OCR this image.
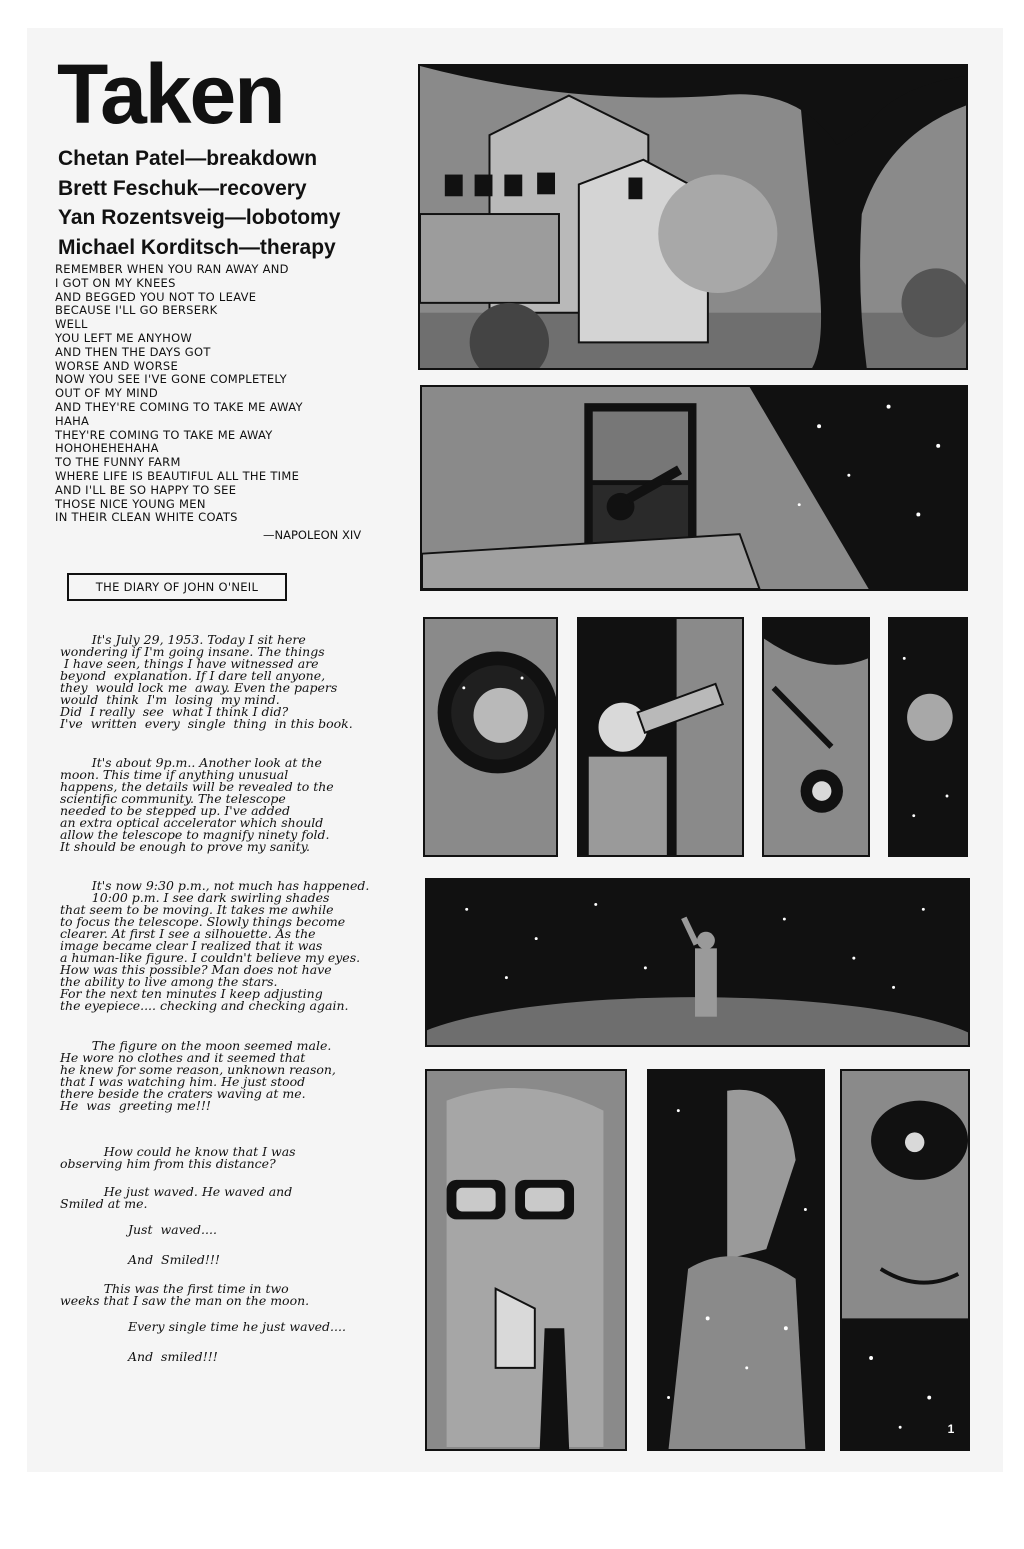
Taken
Chetan Patel—breakdown
Brett Feschuk—recovery
Yan Rozentsveig—lobotomy
Michael Korditsch—therapy
REMEMBER WHEN YOU RAN AWAY AND
I GOT ON MY KNEES
AND BEGGED YOU NOT TO LEAVE
BECAUSE I'LL GO BERSERK
WELL
YOU LEFT ME ANYHOW
AND THEN THE DAYS GOT
WORSE AND WORSE
NOW YOU SEE I'VE GONE COMPLETELY
OUT OF MY MIND
AND THEY'RE COMING TO TAKE ME AWAY
HAHA
THEY'RE COMING TO TAKE ME AWAY
HOHOHEHEHAHA
TO THE FUNNY FARM
WHERE LIFE IS BEAUTIFUL ALL THE TIME
AND I'LL BE SO HAPPY TO SEE
THOSE NICE YOUNG MEN
IN THEIR CLEAN WHITE COATS
—NAPOLEON XIV
THE DIARY OF JOHN O'NEIL
It's July 29, 1953. Today I sit here
wondering if I'm going insane. The things
I have seen, things I have witnessed are
beyond  explanation. If I dare tell anyone,
they  would lock me  away. Even the papers
would  think  I'm  losing  my mind.
Did  I really  see  what I think I did?
I've  written  every  single  thing  in this book.
It's about 9p.m.. Another look at the
moon. This time if anything unusual
happens, the details will be revealed to the
scientific community. The telescope
needed to be stepped up. I've added
an extra optical accelerator which should
allow the telescope to magnify ninety fold.
It should be enough to prove my sanity.
It's now 9:30 p.m., not much has happened.
10:00 p.m. I see dark swirling shades
that seem to be moving. It takes me awhile
to focus the telescope. Slowly things become
clearer. At first I see a silhouette. As the
image became clear I realized that it was
a human-like figure. I couldn't believe my eyes.
How was this possible? Man does not have
the ability to live among the stars.
For the next ten minutes I keep adjusting
the eyepiece.... checking and checking again.
The figure on the moon seemed male.
He wore no clothes and it seemed that
he knew for some reason, unknown reason,
that I was watching him. He just stood
there beside the craters waving at me.
He  was  greeting me!!!
How could he know that I was
observing him from this distance?
He just waved. He waved and
Smiled at me.
Just  waved....
And  Smiled!!!
This was the first time in two
weeks that I saw the man on the moon.
Every single time he just waved....
And  smiled!!!
1
